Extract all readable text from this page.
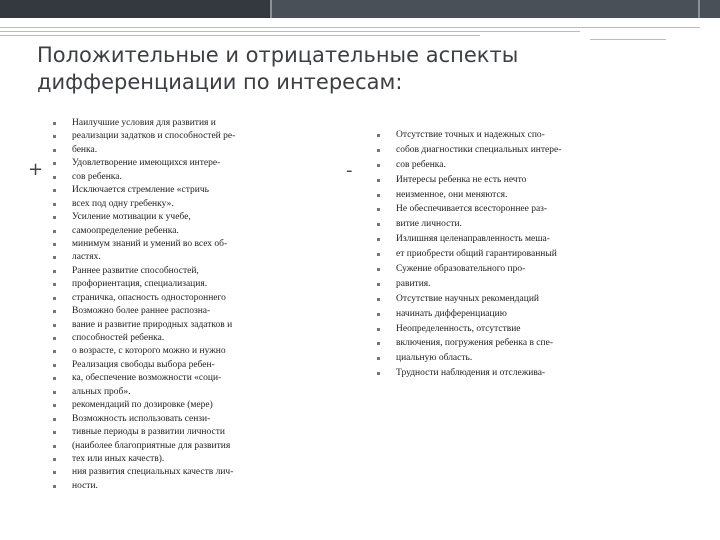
Положительные и отрицательные аспекты
дифференциации по интересам:
+	-
Наилучшие условия для развития и
реализации задатков и способностей ре-
бенка.
Удовлетворение имеющихся интере-
сов ребенка.
Исключается стремление «стричь
всех под одну гребенку».
Усиление мотивации к учебе,
самоопределение ребенка.
минимум знаний и умений во всех об-
ластях.
Раннее развитие способностей,
профориентация, специализация.
страничка, опасность одностороннего
Возможно более раннее распозна-
вание и развитие природных задатков и
способностей ребенка.
о возрасте, с которого можно и нужно
Реализация свободы выбора ребен-
ка, обеспечение возможности «соци-
альных проб».
рекомендаций по дозировке (мере)
Возможность использовать сензи-
тивные периоды в развитии личности
(наиболее благоприятные для развития
тех или иных качеств).
ния развития специальных качеств лич-
ности.
Отсутствие точных и надежных спо-
собов диагностики специальных интере-
сов ребенка.
Интересы ребенка не есть нечто
неизменное, они меняются.
Не обеспечивается всестороннее раз-
витие личности.
Излишняя целенаправленность меша-
ет приобрести общий гарантированный
Сужение образовательного про-
равития.
Отсутствие научных рекомендаций
начинать дифференциацию
Неопределенность, отсутствие
включения, погружения ребенка в спе-
циальную область.
Трудности наблюдения и отслежива-
